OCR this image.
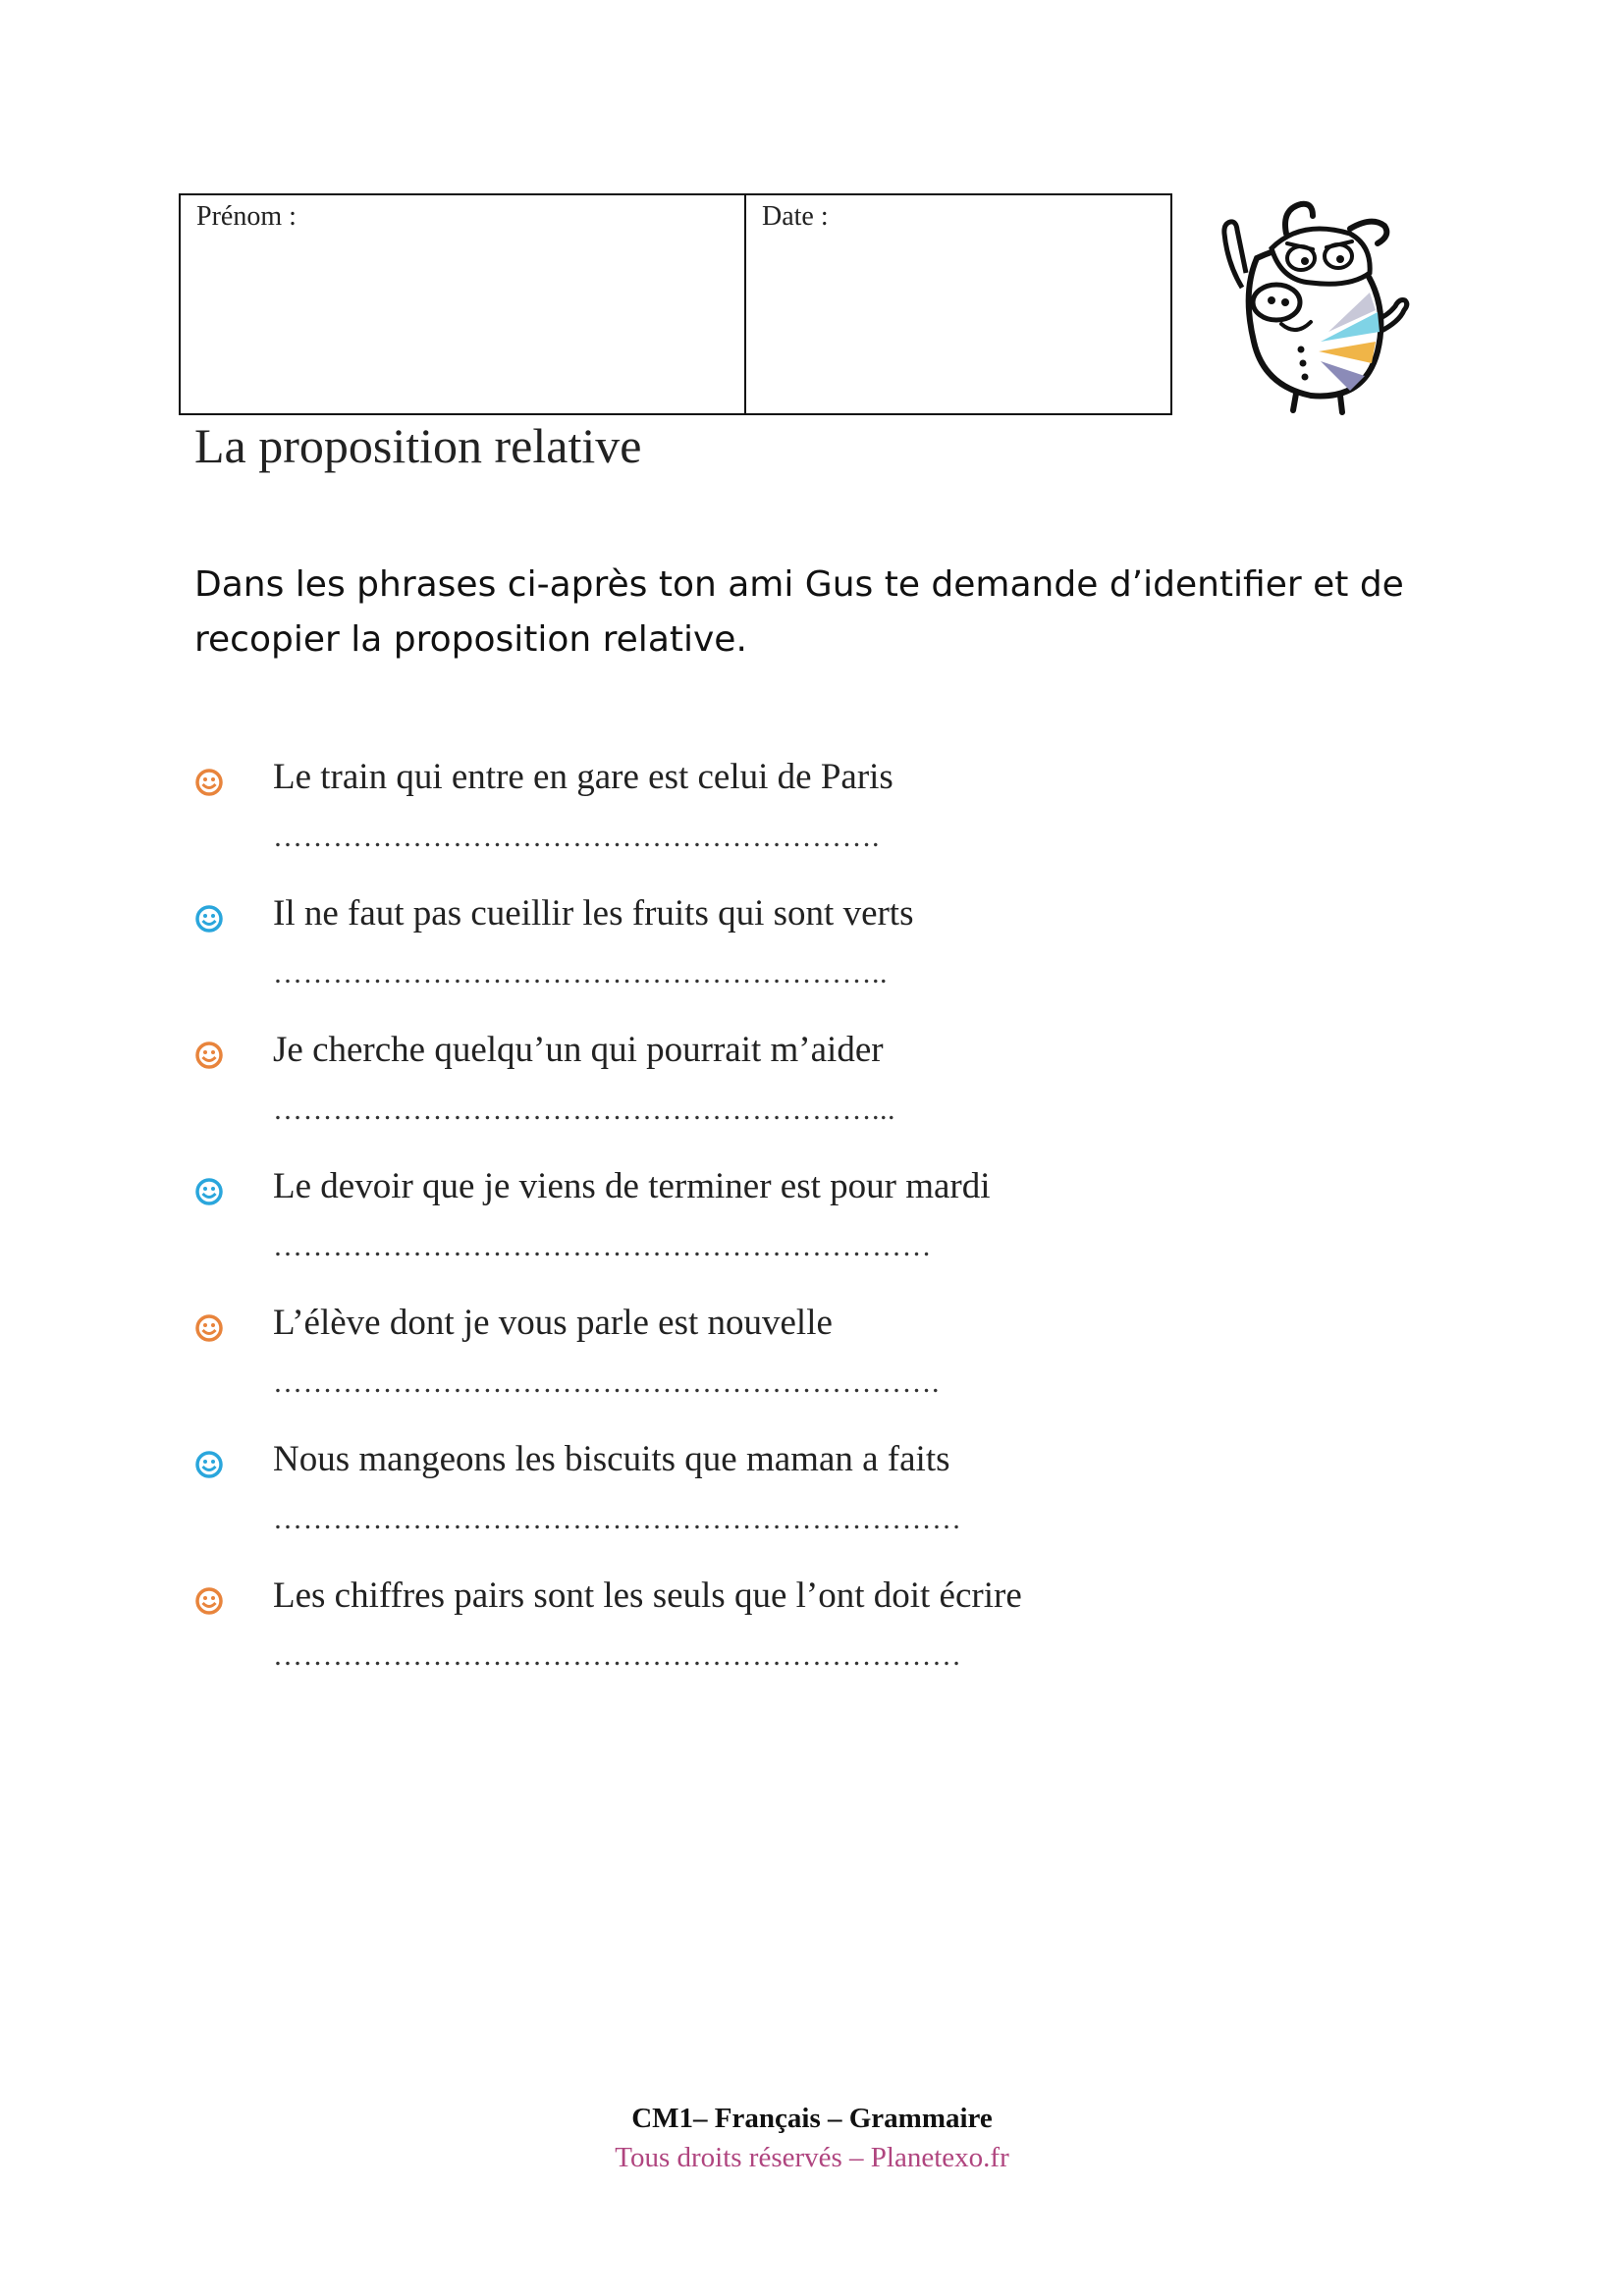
Prénom :	Date :
La proposition relative

Dans les phrases ci-après ton ami Gus te demande d’identifier et de recopier la proposition relative.

Le train qui entre en gare est celui de Paris
…………………………………………………….
Il ne faut pas cueillir les fruits qui sont verts
……………………………………………………..
Je cherche quelqu’un qui pourrait m’aider
……………………………………………………...
Le devoir que je viens de terminer est pour mardi
…………………………………………………………
L’élève dont je vous parle est nouvelle
………………………………………………………….
Nous mangeons les biscuits que maman a faits
……………………………………………………………
Les chiffres pairs sont les seuls que l’ont doit écrire
……………………………………………………………
CM1– Français – Grammaire
Tous droits réservés – Planetexo.fr
